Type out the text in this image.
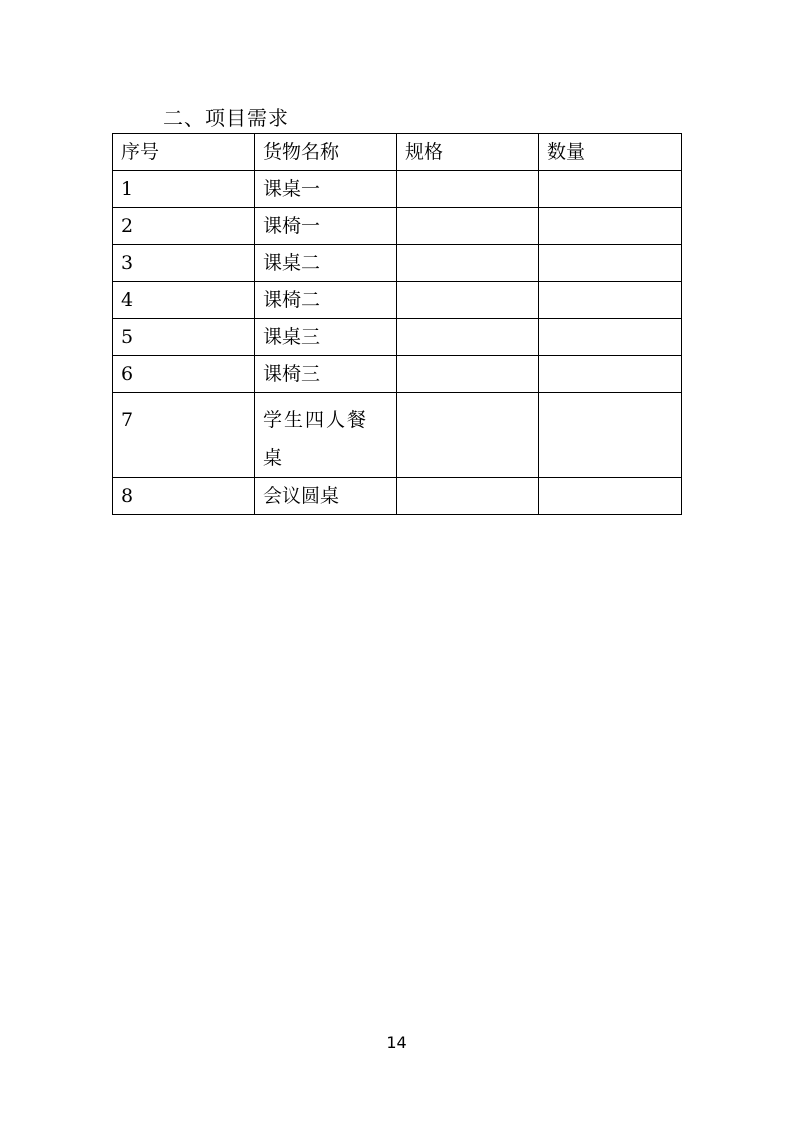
二、项目需求
序号	货物名称	规格	数量
1	课桌一		
2	课椅一		
3	课桌二		
4	课椅二		
5	课桌三		
6	课椅三		
7	学生四人餐桌		
8	会议圆桌		
14
